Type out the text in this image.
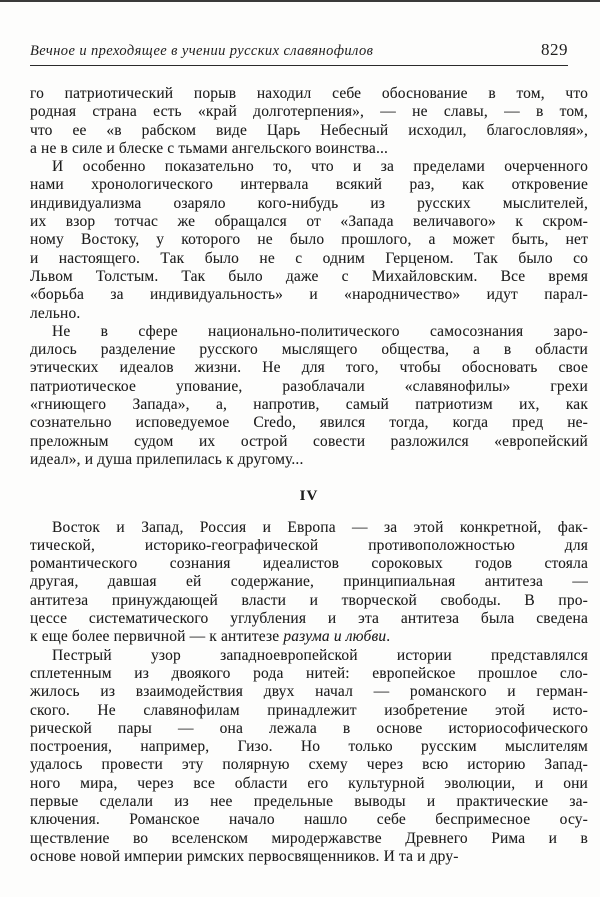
Вечное и преходящее в учении русских славянофилов	829
го патриотический порыв находил себе обоснование в том, что
родная страна есть «край долготерпения», — не славы, — в том,
что ее «в рабском виде Царь Небесный исходил, благословляя»,
а не в силе и блеске с тьмами ангельского воинства...
И особенно показательно то, что и за пределами очерченного
нами хронологического интервала всякий раз, как откровение
индивидуализма озаряло кого-нибудь из русских мыслителей,
их взор тотчас же обращался от «Запада величавого» к скром-
ному Востоку, у которого не было прошлого, а может быть, нет
и настоящего. Так было не с одним Герценом. Так было со
Львом Толстым. Так было даже с Михайловским. Все время
«борьба за индивидуальность» и «народничество» идут парал-
лельно.
Не в сфере национально-политического самосознания заро-
дилось разделение русского мыслящего общества, а в области
этических идеалов жизни. Не для того, чтобы обосновать свое
патриотическое упование, разоблачали «славянофилы» грехи
«гниющего Запада», а, напротив, самый патриотизм их, как
сознательно исповедуемое Credo, явился тогда, когда пред не-
преложным судом их острой совести разложился «европейский
идеал», и душа прилепилась к другому...
IV
Восток и Запад, Россия и Европа — за этой конкретной, фак-
тической, историко-географической противоположностью для
романтического сознания идеалистов сороковых годов стояла
другая, давшая ей содержание, принципиальная антитеза —
антитеза принуждающей власти и творческой свободы. В про-
цессе систематического углубления и эта антитеза была сведена
к еще более первичной — к антитезе разума и любви.
Пестрый узор западноевропейской истории представлялся
сплетенным из двоякого рода нитей: европейское прошлое сло-
жилось из взаимодействия двух начал — романского и герман-
ского. Не славянофилам принадлежит изобретение этой исто-
рической пары — она лежала в основе историософического
построения, например, Гизо. Но только русским мыслителям
удалось провести эту полярную схему через всю историю Запад-
ного мира, через все области его культурной эволюции, и они
первые сделали из нее предельные выводы и практические за-
ключения. Романское начало нашло себе беспримесное осу-
ществление во вселенском миродержавстве Древнего Рима и в
основе новой империи римских первосвященников. И та и дру-
